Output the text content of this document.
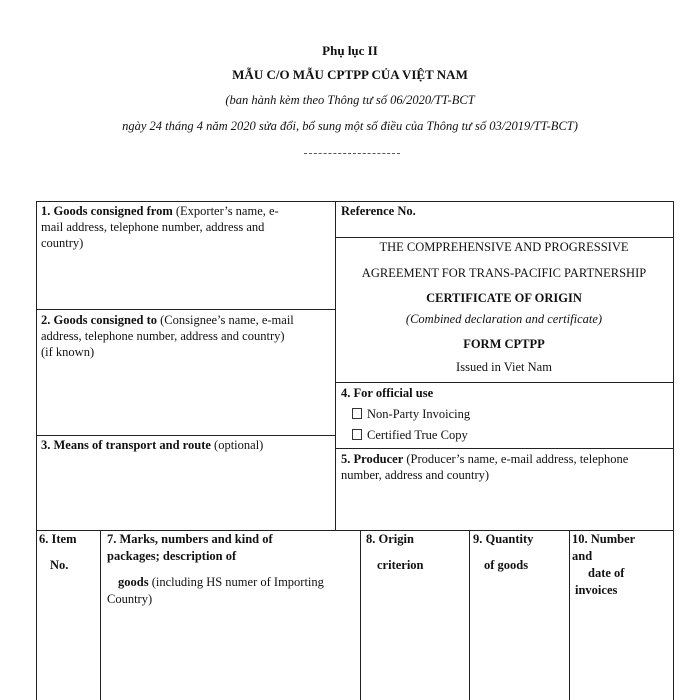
Phụ lục II
MẪU C/O MẪU CPTPP CỦA VIỆT NAM
(ban hành kèm theo Thông tư số 06/2020/TT-BCT
ngày 24 tháng 4 năm 2020 sửa đổi, bổ sung một số điều của Thông tư số 03/2019/TT-BCT)
1. Goods consigned from (Exporter’s name, e-
mail address, telephone number, address and
country)
2. Goods consigned to (Consignee’s name, e-mail
address, telephone number, address and country)
(if known)
3. Means of transport and route (optional)
Reference No.
THE COMPREHENSIVE AND PROGRESSIVE
AGREEMENT FOR TRANS-PACIFIC PARTNERSHIP
CERTIFICATE OF ORIGIN
(Combined declaration and certificate)
FORM CPTPP
Issued in Viet Nam
4. For official use
Non-Party Invoicing
Certified True Copy
5. Producer (Producer’s name, e-mail address, telephone
number, address and country)
6. Item
No.
7. Marks, numbers and kind of
packages; description of
goods (including HS numer of Importing
Country)
8. Origin
criterion
9. Quantity
of goods
10. Number
and
date of
invoices
